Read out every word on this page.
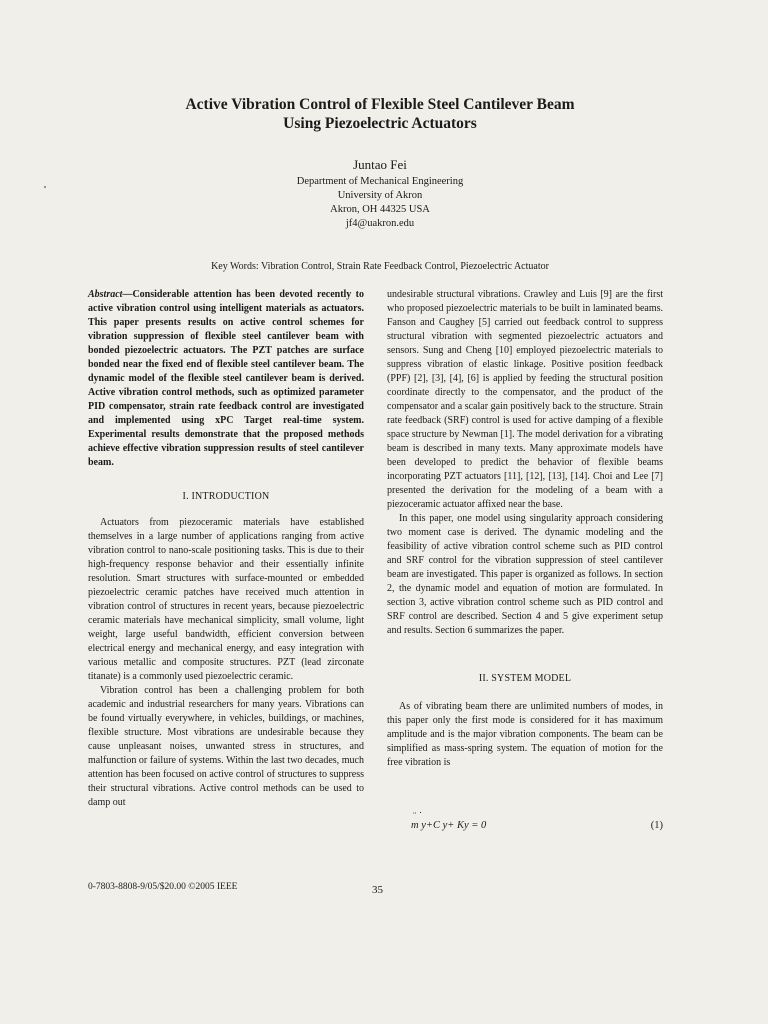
Active Vibration Control of Flexible Steel Cantilever Beam
Using Piezoelectric Actuators
Juntao Fei
Department of Mechanical Engineering
University of Akron
Akron, OH 44325 USA
jf4@uakron.edu
Key Words: Vibration Control, Strain Rate Feedback Control, Piezoelectric Actuator

Abstract—Considerable attention has been devoted recently to active vibration control using intelligent materials as actuators. This paper presents results on active control schemes for vibration suppression of flexible steel cantilever beam with bonded piezoelectric actuators. The PZT patches are surface bonded near the fixed end of flexible steel cantilever beam. The dynamic model of the flexible steel cantilever beam is derived. Active vibration control methods, such as optimized parameter PID compensator, strain rate feedback control are investigated and implemented using xPC Target real-time system. Experimental results demonstrate that the proposed methods achieve effective vibration suppression results of steel cantilever beam.

I. INTRODUCTION

Actuators from piezoceramic materials have established themselves in a large number of applications ranging from active vibration control to nano-scale positioning tasks. This is due to their high-frequency response behavior and their essentially infinite resolution. Smart structures with surface-mounted or embedded piezoelectric ceramic patches have received much attention in vibration control of structures in recent years, because piezoelectric ceramic materials have mechanical simplicity, small volume, light weight, large useful bandwidth, efficient conversion between electrical energy and mechanical energy, and easy integration with various metallic and composite structures. PZT (lead zirconate titanate) is a commonly used piezoelectric ceramic.

Vibration control has been a challenging problem for both academic and industrial researchers for many years. Vibrations can be found virtually everywhere, in vehicles, buildings, or machines, flexible structure. Most vibrations are undesirable because they cause unpleasant noises, unwanted stress in structures, and malfunction or failure of systems. Within the last two decades, much attention has been focused on active control of structures to suppress their structural vibrations. Active control methods can be used to damp out

undesirable structural vibrations. Crawley and Luis [9] are the first who proposed piezoelectric materials to be built in laminated beams. Fanson and Caughey [5] carried out feedback control to suppress structural vibration with segmented piezoelectric actuators and sensors. Sung and Cheng [10] employed piezoelectric materials to suppress vibration of elastic linkage. Positive position feedback (PPF) [2], [3], [4], [6] is applied by feeding the structural position coordinate directly to the compensator, and the product of the compensator and a scalar gain positively back to the structure. Strain rate feedback (SRF) control is used for active damping of a flexible space structure by Newman [1]. The model derivation for a vibrating beam is described in many texts. Many approximate models have been developed to predict the behavior of flexible beams incorporating PZT actuators [11], [12], [13], [14]. Choi and Lee [7] presented the derivation for the modeling of a beam with a piezoceramic actuator affixed near the base.

In this paper, one model using singularity approach considering two moment case is derived. The dynamic modeling and the feasibility of active vibration control scheme such as PID control and SRF control for the vibration suppression of steel cantilever beam are investigated. This paper is organized as follows. In section 2, the dynamic model and equation of motion are formulated. In section 3, active vibration control scheme such as PID control and SRF control are described. Section 4 and 5 give experiment setup and results. Section 6 summarizes the paper.

II. SYSTEM MODEL

As of vibrating beam there are unlimited numbers of modes, in this paper only the first mode is considered for it has maximum amplitude and is the major vibration components. The beam can be simplified as mass-spring system. The equation of motion for the free vibration is

¨ ˙
m y+C y+ Ky = 0	(1)
0-7803-8808-9/05/$20.00 ©2005 IEEE	35
